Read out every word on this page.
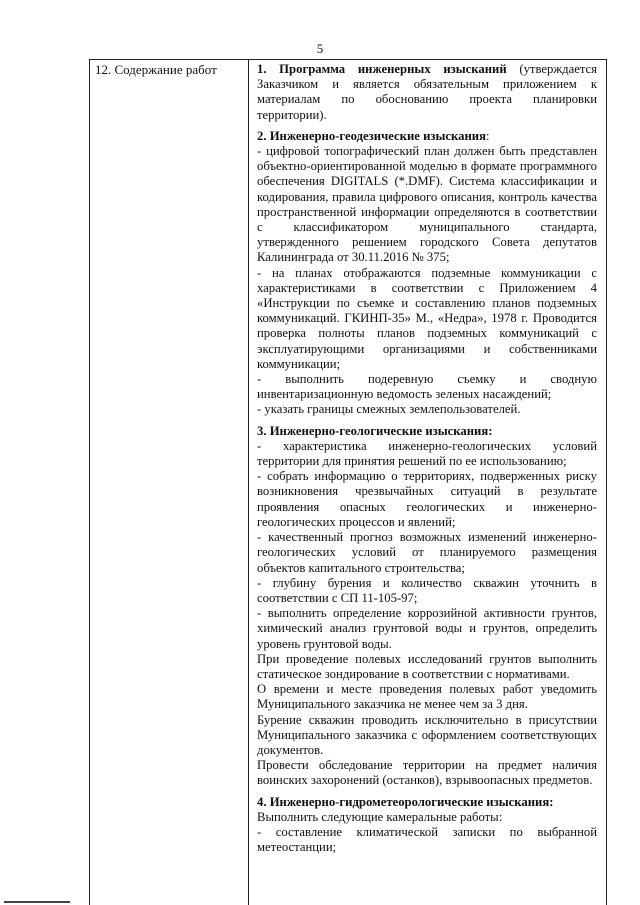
5
12. Содержание работ	1. Программа инженерных изысканий (утверждается Заказчиком и является обязательным приложением к материалам по обоснованию проекта планировки территории).

2. Инженерно-геодезические изыскания:

- цифровой топографический план должен быть представлен объектно-ориентированной моделью в формате программного обеспечения DIGITALS (*.DMF). Система классификации и кодирования, правила цифрового описания, контроль качества пространственной информации определяются в соответствии с классификатором муниципального стандарта, утвержденного решением городского Совета депутатов Калининграда от 30.11.2016 № 375;

- на планах отображаются подземные коммуникации с характеристиками в соответствии с Приложением 4 «Инструкции по съемке и составлению планов подземных коммуникаций. ГКИНП-35» М., «Недра», 1978 г. Проводится проверка полноты планов подземных коммуникаций с эксплуатирующими организациями и собственниками коммуникации;

- выполнить подеревную съемку и сводную инвентаризационную ведомость зеленых насаждений;

- указать границы смежных землепользователей.

3. Инженерно-геологические изыскания:

- характеристика инженерно-геологических условий территории для принятия решений по ее использованию;

- собрать информацию о территориях, подверженных риску возникновения чрезвычайных ситуаций в результате проявления опасных геологических и инженерно-геологических процессов и явлений;

- качественный прогноз возможных изменений инженерно-геологических условий от планируемого размещения объектов капитального строительства;

- глубину бурения и количество скважин уточнить в соответствии с СП 11-105-97;

- выполнить определение коррозийной активности грунтов, химический анализ грунтовой воды и грунтов, определить уровень грунтовой воды.

При проведение полевых исследований грунтов выполнить статическое зондирование в соответствии с нормативами.

О времени и месте проведения полевых работ уведомить Муниципального заказчика не менее чем за 3 дня.

Бурение скважин проводить исключительно в присутствии Муниципального заказчика с оформлением соответствующих документов.

Провести обследование территории на предмет наличия воинских захоронений (останков), взрывоопасных предметов.

4. Инженерно-гидрометеорологические изыскания:

Выполнить следующие камеральные работы:

- составление климатической записки по выбранной метеостанции;
